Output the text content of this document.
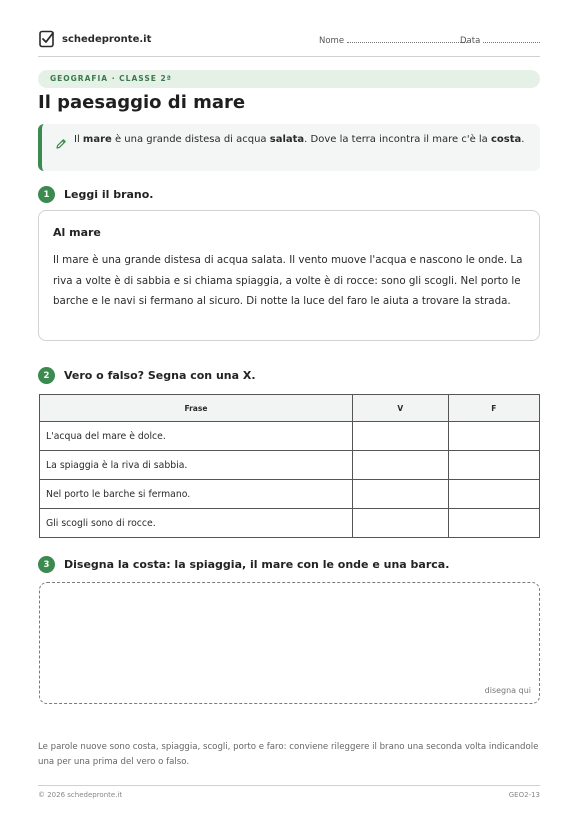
schedepronte.it	Nome	Data
GEOGRAFIA · CLASSE 2ª
Il paesaggio di mare
Il mare è una grande distesa di acqua salata. Dove la terra incontra il mare c'è la costa.
1	Leggi il brano.
Al mare
Il mare è una grande distesa di acqua salata. Il vento muove l'acqua e nascono le onde. La riva a volte è di sabbia e si chiama spiaggia, a volte è di rocce: sono gli scogli. Nel porto le barche e le navi si fermano al sicuro. Di notte la luce del faro le aiuta a trovare la strada.
2	Vero o falso? Segna con una X.
Frase	V	F
L'acqua del mare è dolce.		
La spiaggia è la riva di sabbia.		
Nel porto le barche si fermano.		
Gli scogli sono di rocce.		
3	Disegna la costa: la spiaggia, il mare con le onde e una barca.
disegna qui
Le parole nuove sono costa, spiaggia, scogli, porto e faro: conviene rileggere il brano una seconda volta indicandole una per una prima del vero o falso.
© 2026 schedepronte.it	GEO2-13
